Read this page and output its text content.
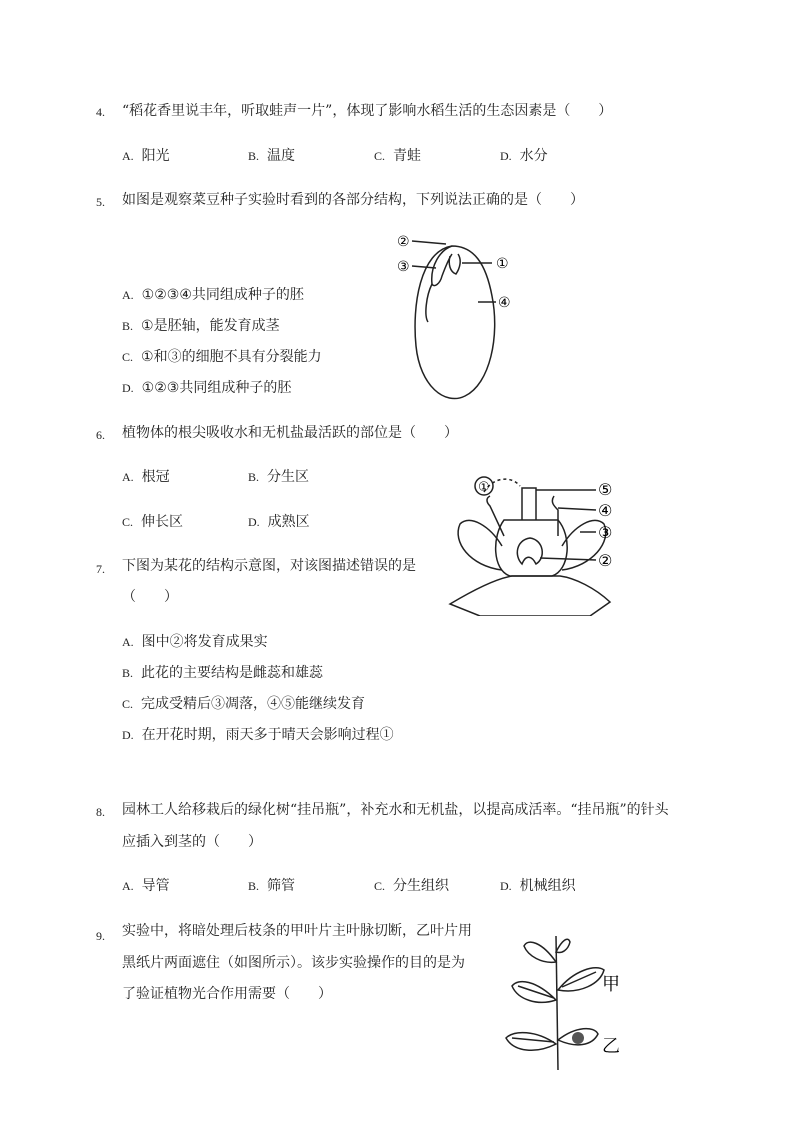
4. “稻花香里说丰年，听取蛙声一片”，体现了影响水稻生活的生态因素是（　　）
A. 阳光	B. 温度	C. 青蛙	D. 水分
5. 如图是观察菜豆种子实验时看到的各部分结构，下列说法正确的是（　　）
A. ①②③④共同组成种子的胚
B. ①是胚轴，能发育成茎
C. ①和③的细胞不具有分裂能力
D. ①②③共同组成种子的胚
②
③	①
④
6. 植物体的根尖吸收水和无机盐最活跃的部位是（　　）
A. 根冠	B. 分生区
C. 伸长区	D. 成熟区
①	⑤
④
③
②
7. 下图为某花的结构示意图，对该图描述错误的是
（　　）
A. 图中②将发育成果实
B. 此花的主要结构是雌蕊和雄蕊
C. 完成受精后③凋落，④⑤能继续发育
D. 在开花时期，雨天多于晴天会影响过程①
8. 园林工人给移栽后的绿化树“挂吊瓶”，补充水和无机盐，以提高成活率。“挂吊瓶”的针头
应插入到茎的（　　）
A. 导管	B. 筛管	C. 分生组织	D. 机械组织
9. 实验中，将暗处理后枝条的甲叶片主叶脉切断，乙叶片用
黑纸片两面遮住（如图所示）。该步实验操作的目的是为
了验证植物光合作用需要（　　）	甲
乙
